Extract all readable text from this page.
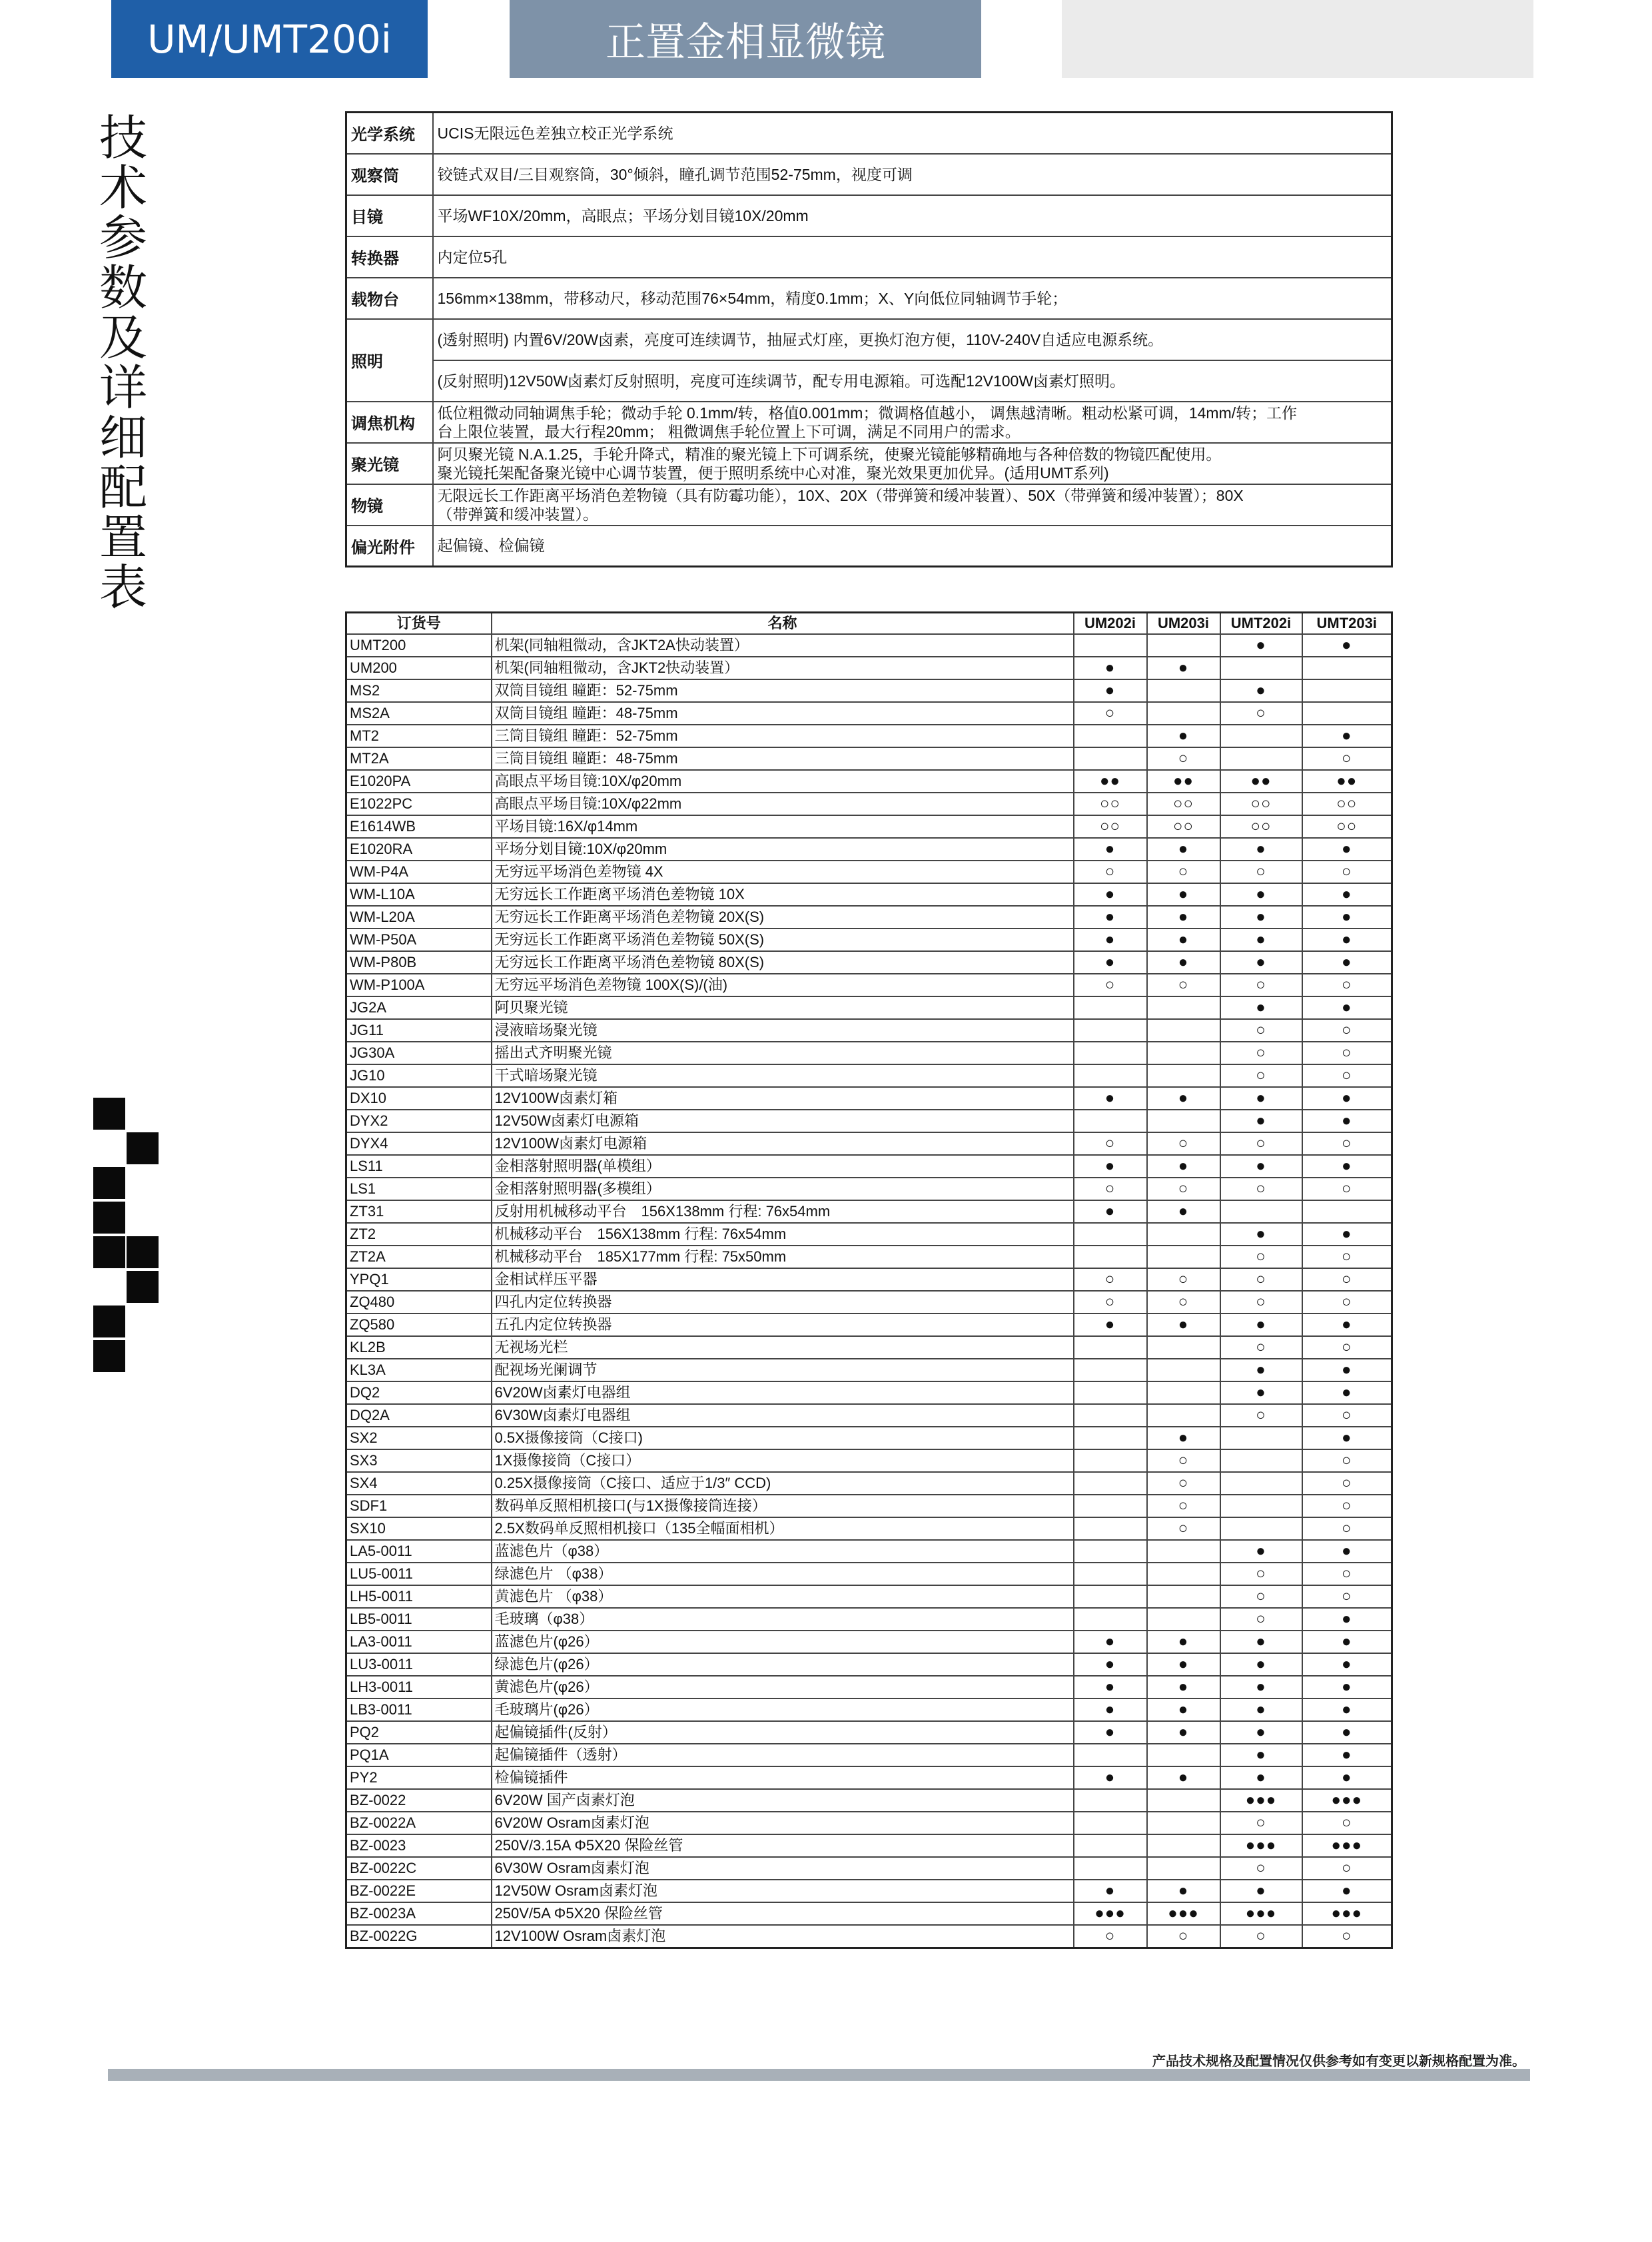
UM/UMT200i	正置金相显微镜
技
术
参
数
及
详
细
配
置
表
光学系统	UCIS无限远色差独立校正光学系统

观察筒	铰链式双目/三目观察筒，30°倾斜，瞳孔调节范围52-75mm，视度可调

目镜	平场WF10X/20mm，高眼点；平场分划目镜10X/20mm

转换器	内定位5孔

载物台	156mm×138mm，带移动尺，移动范围76×54mm，精度0.1mm；X、Y向低位同轴调节手轮；

照明	(透射照明) 内置6V/20W卤素，亮度可连续调节，抽屉式灯座，更换灯泡方便，110V-240V自适应电源系统。
	(反射照明)12V50W卤素灯反射照明，亮度可连续调节，配专用电源箱。可选配12V100W卤素灯照明。
调焦机构	低位粗微动同轴调焦手轮；微动手轮 0.1mm/转，格值0.001mm；微调格值越小， 调焦越清晰。粗动松紧可调，14mm/转；工作
台上限位装置，最大行程20mm； 粗微调焦手轮位置上下可调，满足不同用户的需求。

聚光镜	阿贝聚光镜 N.A.1.25，手轮升降式，精准的聚光镜上下可调系统，使聚光镜能够精确地与各种倍数的物镜匹配使用。
聚光镜托架配备聚光镜中心调节装置，便于照明系统中心对准，聚光效果更加优异。(适用UMT系列)

物镜	无限远长工作距离平场消色差物镜（具有防霉功能），10X、20X（带弹簧和缓冲装置）、50X（带弹簧和缓冲装置）；80X
（带弹簧和缓冲装置）。

偏光附件	起偏镜、检偏镜
订货号	名称	UM202i	UM203i	UMT202i	UMT203i
UMT200	机架(同轴粗微动，含JKT2A快动装置）			●	●
UM200	机架(同轴粗微动，含JKT2快动装置）	●	●		
MS2	双筒目镜组 瞳距：52-75mm	●		●	
MS2A	双筒目镜组 瞳距：48-75mm	○		○	
MT2	三筒目镜组 瞳距：52-75mm		●		●
MT2A	三筒目镜组 瞳距：48-75mm		○		○
E1020PA	高眼点平场目镜:10X/φ20mm	●●	●●	●●	●●
E1022PC	高眼点平场目镜:10X/φ22mm	○○	○○	○○	○○
E1614WB	平场目镜:16X/φ14mm	○○	○○	○○	○○
E1020RA	平场分划目镜:10X/φ20mm	●	●	●	●
WM-P4A	无穷远平场消色差物镜 4X	○	○	○	○
WM-L10A	无穷远长工作距离平场消色差物镜 10X	●	●	●	●
WM-L20A	无穷远长工作距离平场消色差物镜 20X(S)	●	●	●	●
WM-P50A	无穷远长工作距离平场消色差物镜 50X(S)	●	●	●	●
WM-P80B	无穷远长工作距离平场消色差物镜 80X(S)	●	●	●	●
WM-P100A	无穷远平场消色差物镜 100X(S)/(油)	○	○	○	○
JG2A	阿贝聚光镜			●	●
JG11	浸液暗场聚光镜			○	○
JG30A	摇出式齐明聚光镜			○	○
JG10	干式暗场聚光镜			○	○
DX10	12V100W卤素灯箱	●	●	●	●
DYX2	12V50W卤素灯电源箱			●	●
DYX4	12V100W卤素灯电源箱	○	○	○	○
LS11	金相落射照明器(单模组）	●	●	●	●
LS1	金相落射照明器(多模组）	○	○	○	○
ZT31	反射用机械移动平台　156X138mm 行程: 76x54mm	●	●		
ZT2	机械移动平台　156X138mm 行程: 76x54mm			●	●
ZT2A	机械移动平台　185X177mm 行程: 75x50mm			○	○
YPQ1	金相试样压平器	○	○	○	○
ZQ480	四孔内定位转换器	○	○	○	○
ZQ580	五孔内定位转换器	●	●	●	●
KL2B	无视场光栏			○	○
KL3A	配视场光阑调节			●	●
DQ2	6V20W卤素灯电器组			●	●
DQ2A	6V30W卤素灯电器组			○	○
SX2	0.5X摄像接筒（C接口)		●		●
SX3	1X摄像接筒（C接口）		○		○
SX4	0.25X摄像接筒（C接口、适应于1/3″ CCD)		○		○
SDF1	数码单反照相机接口(与1X摄像接筒连接）		○		○
SX10	2.5X数码单反照相机接口（135全幅面相机）		○		○
LA5-0011	蓝滤色片（φ38）			●	●
LU5-0011	绿滤色片 （φ38）			○	○
LH5-0011	黄滤色片 （φ38）			○	○
LB5-0011	毛玻璃（φ38）			○	●
LA3-0011	蓝滤色片(φ26）	●	●	●	●
LU3-0011	绿滤色片(φ26）	●	●	●	●
LH3-0011	黄滤色片(φ26）	●	●	●	●
LB3-0011	毛玻璃片(φ26）	●	●	●	●
PQ2	起偏镜插件(反射）	●	●	●	●
PQ1A	起偏镜插件（透射）			●	●
PY2	检偏镜插件	●	●	●	●
BZ-0022	6V20W 国产卤素灯泡			●●●	●●●
BZ-0022A	6V20W Osram卤素灯泡			○	○
BZ-0023	250V/3.15A Φ5X20 保险丝管			●●●	●●●
BZ-0022C	6V30W Osram卤素灯泡			○	○
BZ-0022E	12V50W Osram卤素灯泡	●	●	●	●
BZ-0023A	250V/5A Φ5X20 保险丝管	●●●	●●●	●●●	●●●
BZ-0022G	12V100W Osram卤素灯泡	○	○	○	○
产品技术规格及配置情况仅供参考如有变更以新规格配置为准。
